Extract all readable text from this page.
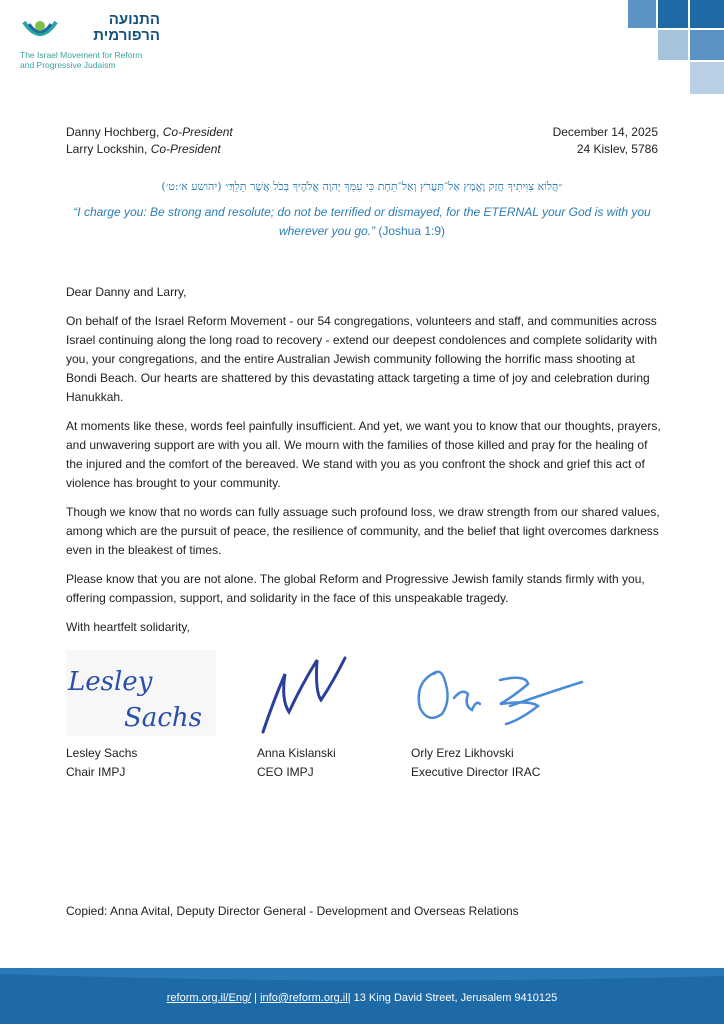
התנועה
הרפורמית
The Israel Movement for Reform
and Progressive Judaism
Danny Hochberg, Co-President
Larry Lockshin, Co-President
December 14, 2025
24 Kislev, 5786
״הֲלוֹא צִוִּיתִיךָ חֲזַק וֶאֱמָץ אַל־תַּעֲרֹץ וְאַל־תֵּחָת כִּי עִמְּךָ יְהוָה אֱלֹהֶיךָ בְּכֹל אֲשֶׁר תֵּלֵךְ׃״ (יהושע א׳:ט׳)
“I charge you: Be strong and resolute; do not be terrified or dismayed, for the ETERNAL your God is with you wherever you go.” (Joshua 1:9)

Dear Danny and Larry,

On behalf of the Israel Reform Movement - our 54 congregations, volunteers and staff, and communities across Israel continuing along the long road to recovery - extend our deepest condolences and complete solidarity with you, your congregations, and the entire Australian Jewish community following the horrific mass shooting at Bondi Beach. Our hearts are shattered by this devastating attack targeting a time of joy and celebration during Hanukkah.

At moments like these, words feel painfully insufficient. And yet, we want you to know that our thoughts, prayers, and unwavering support are with you all. We mourn with the families of those killed and pray for the healing of the injured and the comfort of the bereaved. We stand with you as you confront the shock and grief this act of violence has brought to your community.

Though we know that no words can fully assuage such profound loss, we draw strength from our shared values, among which are the pursuit of peace, the resilience of community, and the belief that light overcomes darkness even in the bleakest of times.

Please know that you are not alone. The global Reform and Progressive Jewish family stands firmly with you, offering compassion, support, and solidarity in the face of this unspeakable tragedy.

With heartfelt solidarity,

Lesley
Sachs
Lesley Sachs
Chair IMPJ
Anna Kislanski
CEO IMPJ
Orly Erez Likhovski
Executive Director IRAC
Copied: Anna Avital, Deputy Director General - Development and Overseas Relations
reform.org.il/Eng/ | info@reform.org.il| 13 King David Street, Jerusalem 9410125
